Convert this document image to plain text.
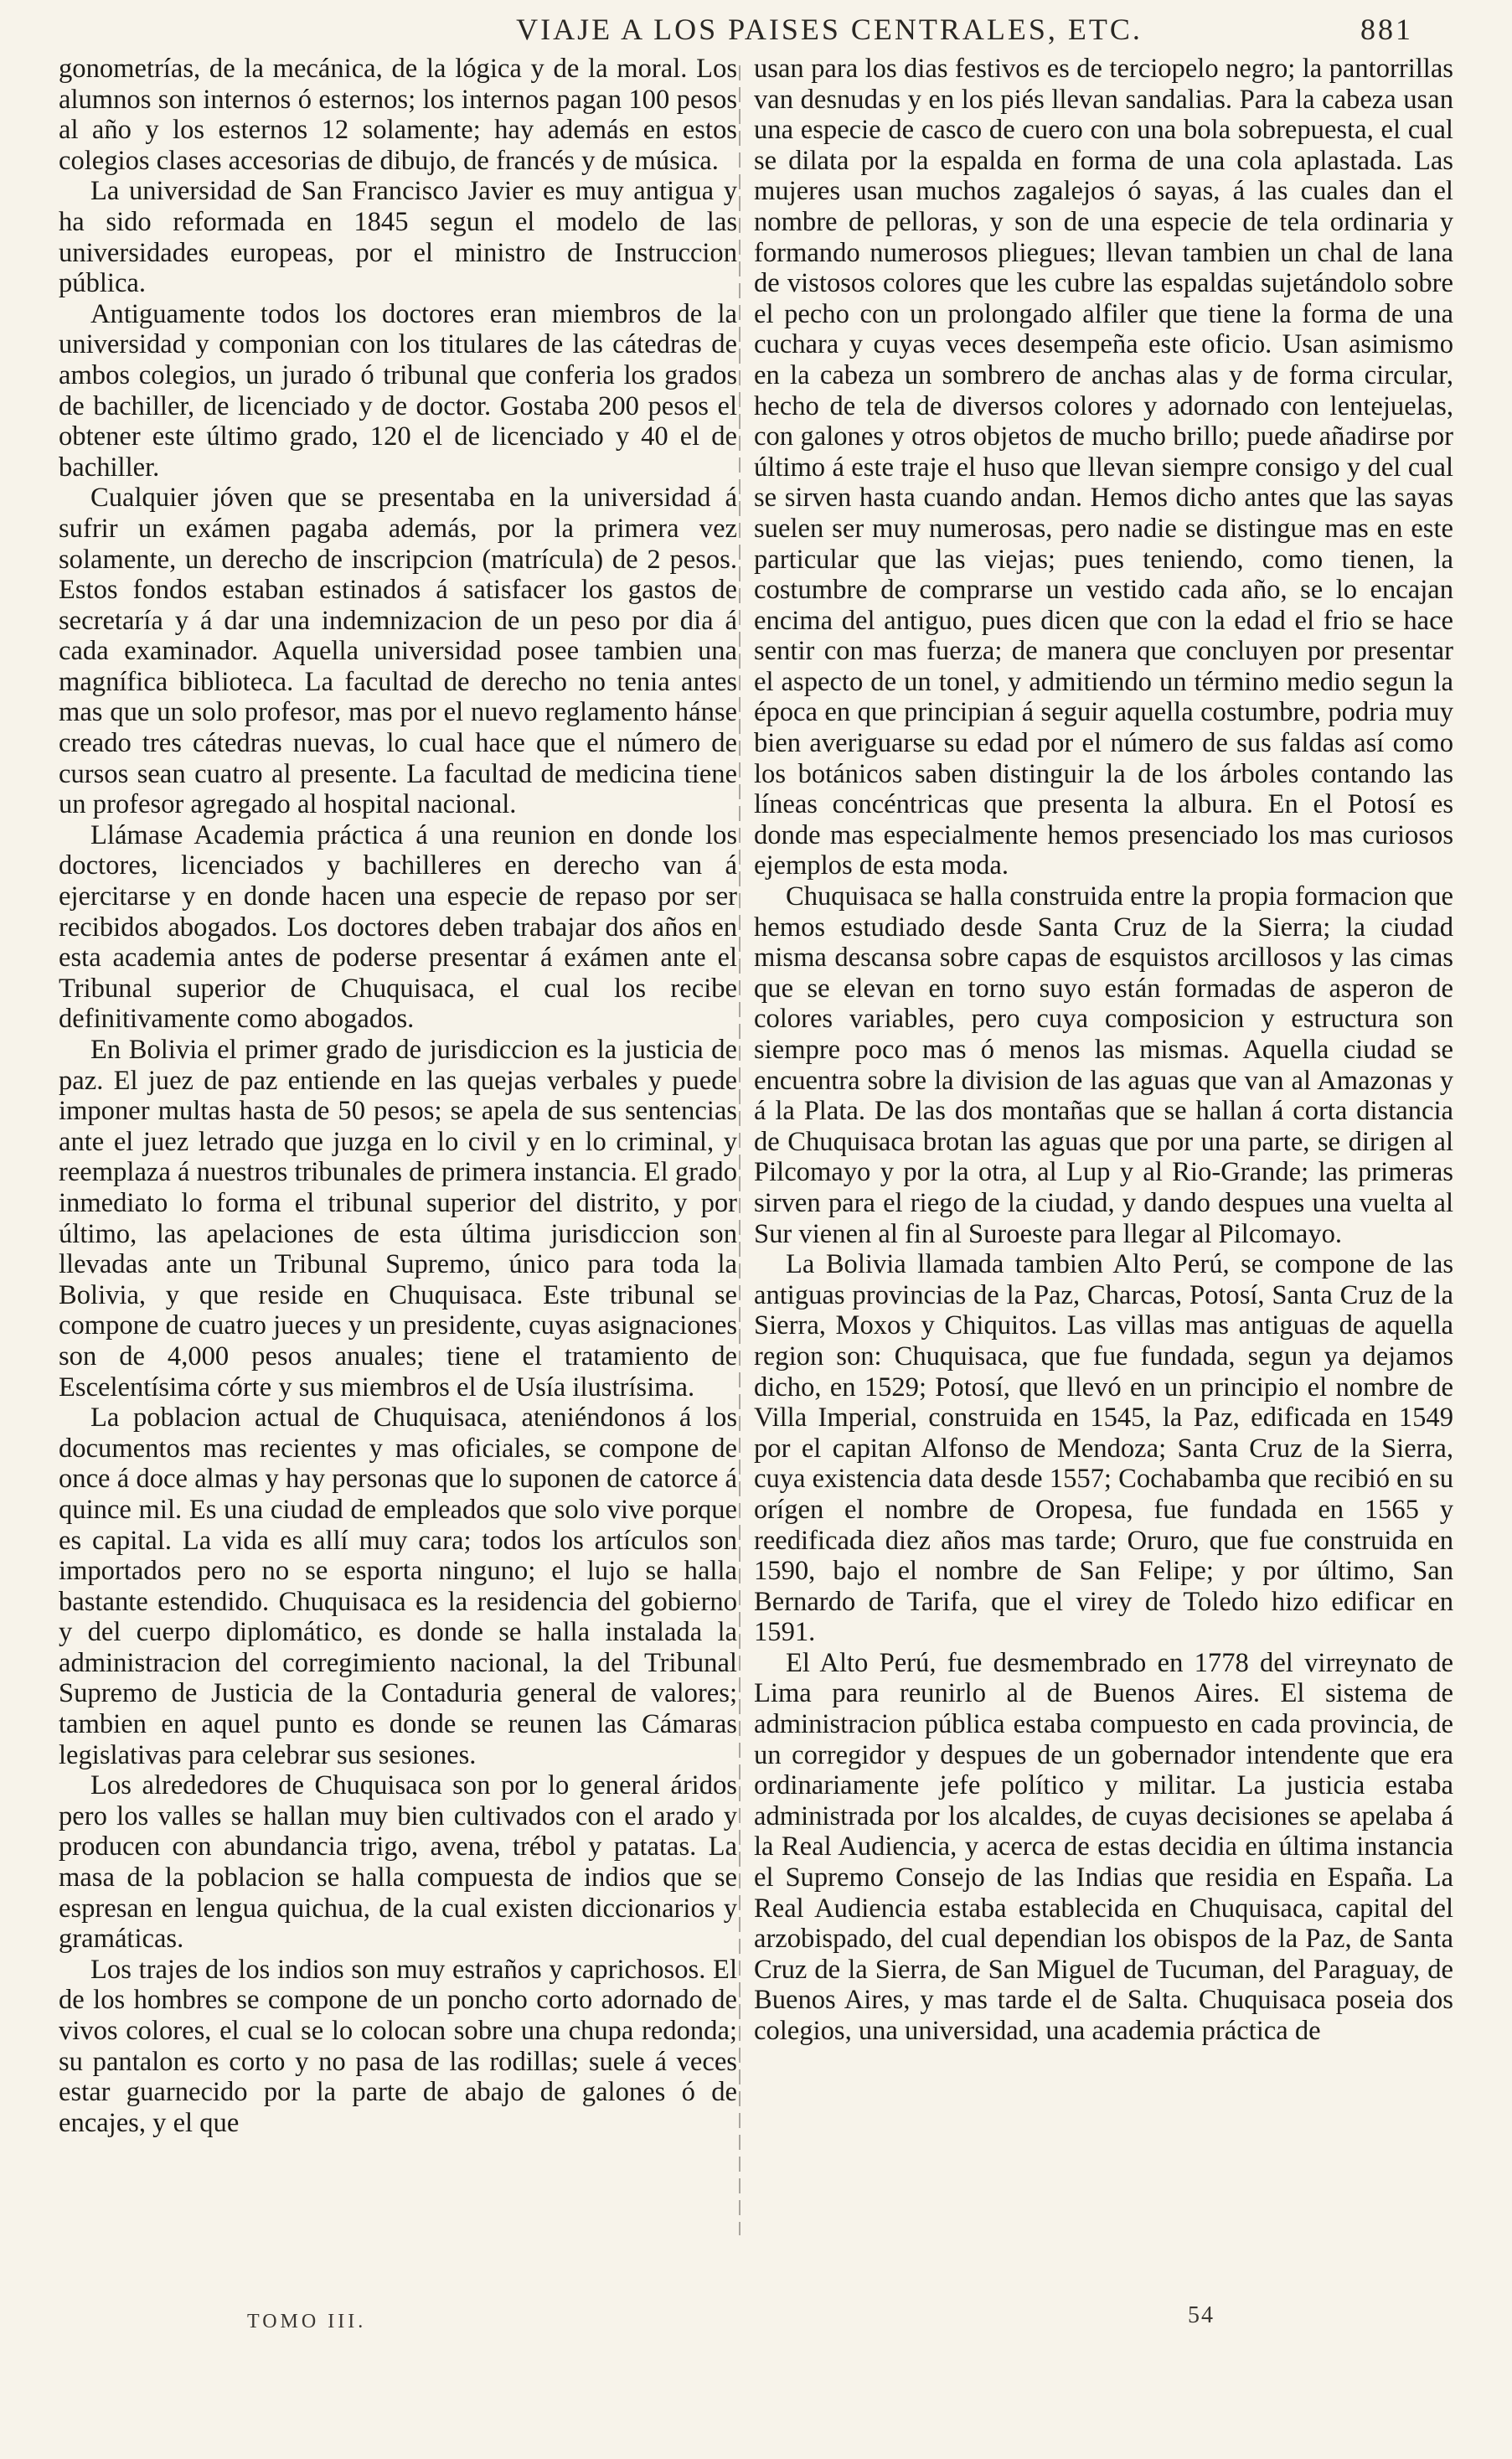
VIAJE A LOS PAISES CENTRALES, ETC.	881

gonometrías, de la mecánica, de la lógica y de la moral. Los alumnos son internos ó esternos; los internos pagan 100 pesos al año y los esternos 12 solamente; hay además en estos colegios clases accesorias de dibujo, de francés y de música.

La universidad de San Francisco Javier es muy antigua y ha sido reformada en 1845 segun el modelo de las universidades europeas, por el ministro de Instruccion pública.

Antiguamente todos los doctores eran miembros de la universidad y componian con los titulares de las cátedras de ambos colegios, un jurado ó tribunal que conferia los grados de bachiller, de licenciado y de doctor. Gostaba 200 pesos el obtener este último grado, 120 el de licenciado y 40 el de bachiller.

Cualquier jóven que se presentaba en la universidad á sufrir un exámen pagaba además, por la primera vez solamente, un derecho de inscripcion (matrícula) de 2 pesos. Estos fondos estaban estinados á satisfacer los gastos de secretaría y á dar una indemnizacion de un peso por dia á cada examinador. Aquella universidad posee tambien una magnífica biblioteca. La facultad de derecho no tenia antes mas que un solo profesor, mas por el nuevo reglamento hánse creado tres cátedras nuevas, lo cual hace que el número de cursos sean cuatro al presente. La facultad de medicina tiene un profesor agregado al hospital nacional.

Llámase Academia práctica á una reunion en donde los doctores, licenciados y bachilleres en derecho van á ejercitarse y en donde hacen una especie de repaso por ser recibidos abogados. Los doctores deben trabajar dos años en esta academia antes de poderse presentar á exámen ante el Tribunal superior de Chuquisaca, el cual los recibe definitivamente como abogados.

En Bolivia el primer grado de jurisdiccion es la justicia de paz. El juez de paz entiende en las quejas verbales y puede imponer multas hasta de 50 pesos; se apela de sus sentencias ante el juez letrado que juzga en lo civil y en lo criminal, y reemplaza á nuestros tribunales de primera instancia. El grado inmediato lo forma el tribunal superior del distrito, y por último, las apelaciones de esta última jurisdiccion son llevadas ante un Tribunal Supremo, único para toda la Bolivia, y que reside en Chuquisaca. Este tribunal se compone de cuatro jueces y un presidente, cuyas asignaciones son de 4,000 pesos anuales; tiene el tratamiento de Escelentísima córte y sus miembros el de Usía ilustrísima.

La poblacion actual de Chuquisaca, ateniéndonos á los documentos mas recientes y mas oficiales, se compone de once á doce almas y hay personas que lo suponen de catorce á quince mil. Es una ciudad de empleados que solo vive porque es capital. La vida es allí muy cara; todos los artículos son importados pero no se esporta ninguno; el lujo se halla bastante estendido. Chuquisaca es la residencia del gobierno y del cuerpo diplomático, es donde se halla instalada la administracion del corregimiento nacional, la del Tribunal Supremo de Justicia de la Contaduria general de valores; tambien en aquel punto es donde se reunen las Cámaras legislativas para celebrar sus sesiones.

Los alrededores de Chuquisaca son por lo general áridos pero los valles se hallan muy bien cultivados con el arado y producen con abundancia trigo, avena, trébol y patatas. La masa de la poblacion se halla compuesta de indios que se espresan en lengua quichua, de la cual existen diccionarios y gramáticas.

Los trajes de los indios son muy estraños y caprichosos. El de los hombres se compone de un poncho corto adornado de vivos colores, el cual se lo colocan sobre una chupa redonda; su pantalon es corto y no pasa de las rodillas; suele á veces estar guarnecido por la parte de abajo de galones ó de encajes, y el que

usan para los dias festivos es de terciopelo negro; la pantorrillas van desnudas y en los piés llevan sandalias. Para la cabeza usan una especie de casco de cuero con una bola sobrepuesta, el cual se dilata por la espalda en forma de una cola aplastada. Las mujeres usan muchos zagalejos ó sayas, á las cuales dan el nombre de pelloras, y son de una especie de tela ordinaria y formando numerosos pliegues; llevan tambien un chal de lana de vistosos colores que les cubre las espaldas sujetándolo sobre el pecho con un prolongado alfiler que tiene la forma de una cuchara y cuyas veces desempeña este oficio. Usan asimismo en la cabeza un sombrero de anchas alas y de forma circular, hecho de tela de diversos colores y adornado con lentejuelas, con galones y otros objetos de mucho brillo; puede añadirse por último á este traje el huso que llevan siempre consigo y del cual se sirven hasta cuando andan. Hemos dicho antes que las sayas suelen ser muy numerosas, pero nadie se distingue mas en este particular que las viejas; pues teniendo, como tienen, la costumbre de comprarse un vestido cada año, se lo encajan encima del antiguo, pues dicen que con la edad el frio se hace sentir con mas fuerza; de manera que concluyen por presentar el aspecto de un tonel, y admitiendo un término medio segun la época en que principian á seguir aquella costumbre, podria muy bien averiguarse su edad por el número de sus faldas así como los botánicos saben distinguir la de los árboles contando las líneas concéntricas que presenta la albura. En el Potosí es donde mas especialmente hemos presenciado los mas curiosos ejemplos de esta moda.

Chuquisaca se halla construida entre la propia formacion que hemos estudiado desde Santa Cruz de la Sierra; la ciudad misma descansa sobre capas de esquistos arcillosos y las cimas que se elevan en torno suyo están formadas de asperon de colores variables, pero cuya composicion y estructura son siempre poco mas ó menos las mismas. Aquella ciudad se encuentra sobre la division de las aguas que van al Amazonas y á la Plata. De las dos montañas que se hallan á corta distancia de Chuquisaca brotan las aguas que por una parte, se dirigen al Pilcomayo y por la otra, al Lup y al Rio-Grande; las primeras sirven para el riego de la ciudad, y dando despues una vuelta al Sur vienen al fin al Suroeste para llegar al Pilcomayo.

La Bolivia llamada tambien Alto Perú, se compone de las antiguas provincias de la Paz, Charcas, Potosí, Santa Cruz de la Sierra, Moxos y Chiquitos. Las villas mas antiguas de aquella region son: Chuquisaca, que fue fundada, segun ya dejamos dicho, en 1529; Potosí, que llevó en un principio el nombre de Villa Imperial, construida en 1545, la Paz, edificada en 1549 por el capitan Alfonso de Mendoza; Santa Cruz de la Sierra, cuya existencia data desde 1557; Cochabamba que recibió en su orígen el nombre de Oropesa, fue fundada en 1565 y reedificada diez años mas tarde; Oruro, que fue construida en 1590, bajo el nombre de San Felipe; y por último, San Bernardo de Tarifa, que el virey de Toledo hizo edificar en 1591.

El Alto Perú, fue desmembrado en 1778 del virreynato de Lima para reunirlo al de Buenos Aires. El sistema de administracion pública estaba compuesto en cada provincia, de un corregidor y despues de un gobernador intendente que era ordinariamente jefe político y militar. La justicia estaba administrada por los alcaldes, de cuyas decisiones se apelaba á la Real Audiencia, y acerca de estas decidia en última instancia el Supremo Consejo de las Indias que residia en España. La Real Audiencia estaba establecida en Chuquisaca, capital del arzobispado, del cual dependian los obispos de la Paz, de Santa Cruz de la Sierra, de San Miguel de Tucuman, del Paraguay, de Buenos Aires, y mas tarde el de Salta. Chuquisaca poseia dos colegios, una universidad, una academia práctica de

TOMO III.	54
